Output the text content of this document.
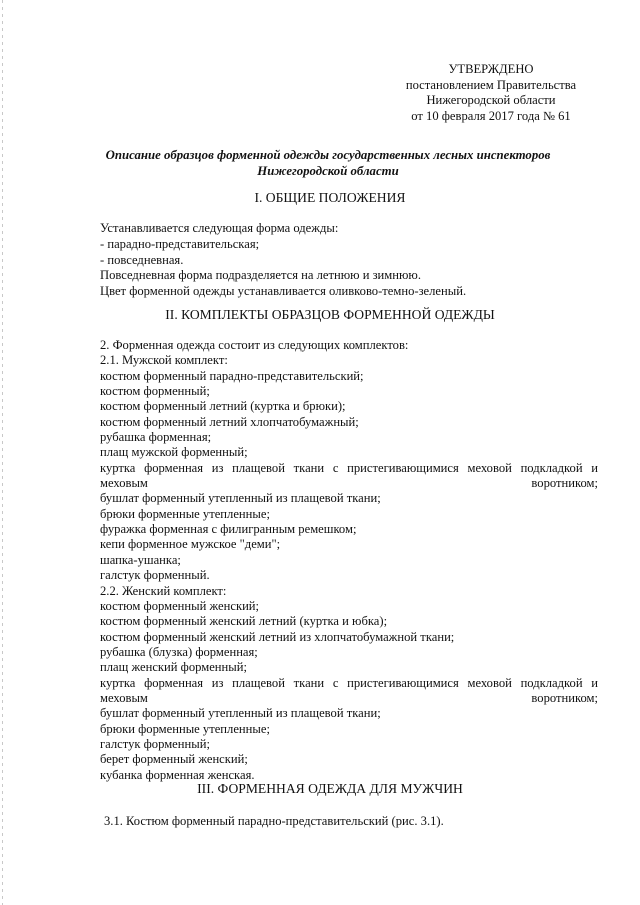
УТВЕРЖДЕНО
постановлением Правительства
Нижегородской области
от 10 февраля 2017 года № 61
Описание образцов форменной одежды государственных лесных инспекторов
Нижегородской области
I. ОБЩИЕ ПОЛОЖЕНИЯ
Устанавливается следующая форма одежды:
- парадно-представительская;
- повседневная.
Повседневная форма подразделяется на летнюю и зимнюю.
Цвет форменной одежды устанавливается оливково-темно-зеленый.
II. КОМПЛЕКТЫ ОБРАЗЦОВ ФОРМЕННОЙ ОДЕЖДЫ
2. Форменная одежда состоит из следующих комплектов:
2.1. Мужской комплект:
костюм форменный парадно-представительский;
костюм форменный;
костюм форменный летний (куртка и брюки);
костюм форменный летний хлопчатобумажный;
рубашка форменная;
плащ мужской форменный;
куртка форменная из плащевой ткани с пристегивающимися меховой подкладкой и меховым воротником;
бушлат форменный утепленный из плащевой ткани;
брюки форменные утепленные;
фуражка форменная с филигранным ремешком;
кепи форменное мужское "деми";
шапка-ушанка;
галстук форменный.
2.2. Женский комплект:
костюм форменный женский;
костюм форменный женский летний (куртка и юбка);
костюм форменный женский летний из хлопчатобумажной ткани;
рубашка (блузка) форменная;
плащ женский форменный;
куртка форменная из плащевой ткани с пристегивающимися меховой подкладкой и меховым воротником;
бушлат форменный утепленный из плащевой ткани;
брюки форменные утепленные;
галстук форменный;
берет форменный женский;
кубанка форменная женская.
III. ФОРМЕННАЯ ОДЕЖДА ДЛЯ МУЖЧИН
3.1. Костюм форменный парадно-представительский (рис. 3.1).
